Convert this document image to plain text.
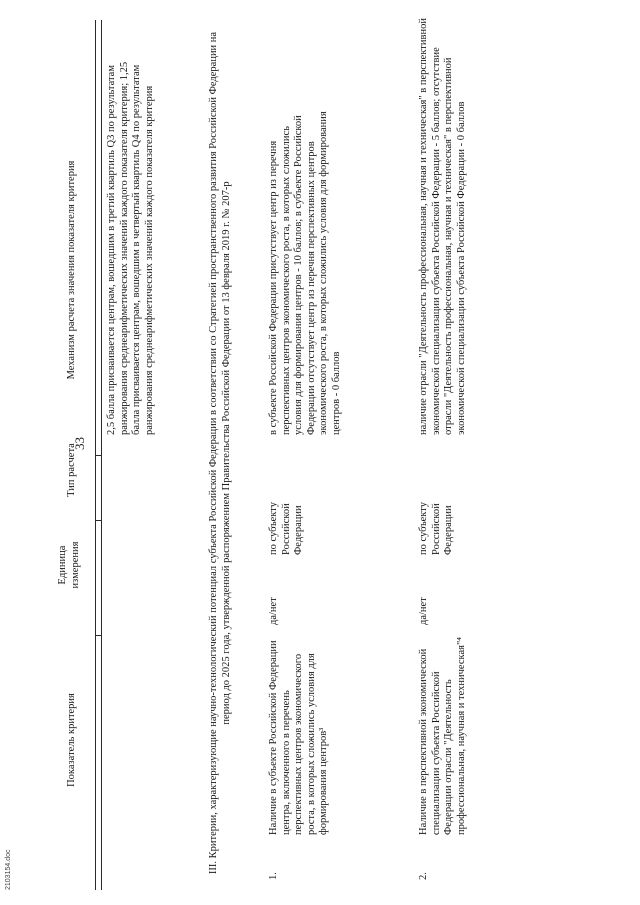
33
Показатель критерия
Единица измерения
Тип расчета
Механизм расчета значения показателя критерия	2,5 балла присваивается центрам, вошедшим в третий квартиль Q3 по результатам ранжирования среднеарифметических значений каждого показателя критерия; 1,25 балла присваивается центрам, вошедшим в четвертый квартиль Q4 по результатам ранжирования среднеарифметических значений каждого показателя критерия	III. Критерии, характеризующие научно-технологический потенциал субъекта Российской Федерации в соответствии со Стратегией пространственного развития Российской Федерации на период до 2025 года, утвержденной распоряжением Правительства Российской Федерации от 13 февраля 2019 г. № 207-р
1.
Наличие в субъекте Российской Федерации центра, включенного в перечень перспективных центров экономического роста, в которых сложились условия для формирования центров³
да/нет
по субъекту Российской Федерации
в субъекте Российской Федерации присутствует центр из перечня перспективных центров экономического роста, в которых сложились условия для формирования центров - 10 баллов; в субъекте Российской Федерации отсутствует центр из перечня перспективных центров экономического роста, в которых сложились условия для формирования центров - 0 баллов
2.
Наличие в перспективной экономической специализации субъекта Российской Федерации отрасли "Деятельность профессиональная, научная и техническая"⁴
да/нет
по субъекту Российской Федерации
наличие отрасли "Деятельность профессиональная, научная и техническая" в перспективной экономической специализации субъекта Российской Федерации - 5 баллов; отсутствие отрасли "Деятельность профессиональная, научная и техническая" в перспективной экономической специализации субъекта Российской Федерации - 0 баллов
2103154.doc
